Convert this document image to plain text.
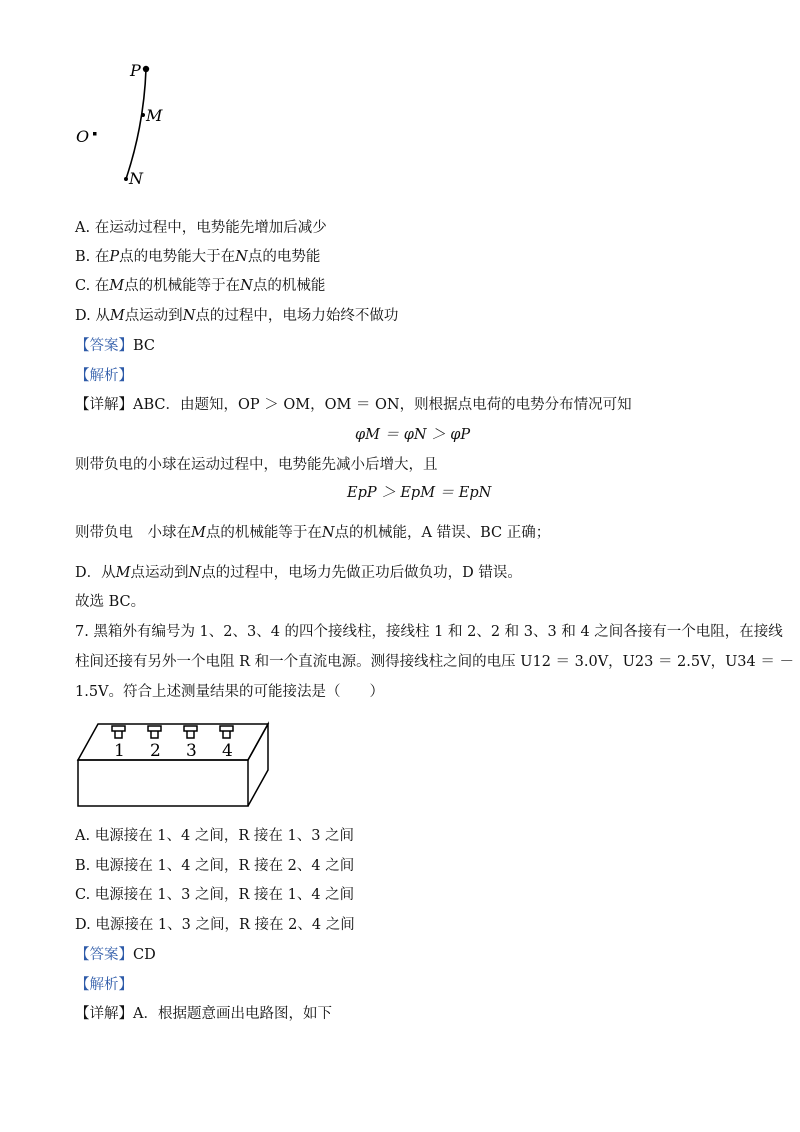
P
M
O
N
A. 在运动过程中，电势能先增加后减少
B. 在P点的电势能大于在N点的电势能
C. 在M点的机械能等于在N点的机械能
D. 从M点运动到N点的过程中，电场力始终不做功
【答案】BC
【解析】
【详解】ABC．由题知，OP ＞ OM，OM ＝ ON，则根据点电荷的电势分布情况可知
φM ＝ φN ＞ φP
则带负电的小球在运动过程中，电势能先减小后增大，且
EpP ＞ EpM ＝ EpN
则带负电　小球在M点的机械能等于在N点的机械能，A 错误、BC 正确；
D．从M点运动到N点的过程中，电场力先做正功后做负功，D 错误。
故选 BC。
7. 黑箱外有编号为 1、2、3、4 的四个接线柱，接线柱 1 和 2、2 和 3、3 和 4 之间各接有一个电阻，在接线
柱间还接有另外一个电阻 R 和一个直流电源。测得接线柱之间的电压 U12 ＝ 3.0V，U23 ＝ 2.5V，U34 ＝ －
1.5V。符合上述测量结果的可能接法是（　　）
1 2 3 4
A. 电源接在 1、4 之间，R 接在 1、3 之间
B. 电源接在 1、4 之间，R 接在 2、4 之间
C. 电源接在 1、3 之间，R 接在 1、4 之间
D. 电源接在 1、3 之间，R 接在 2、4 之间
【答案】CD
【解析】
【详解】A．根据题意画出电路图，如下
